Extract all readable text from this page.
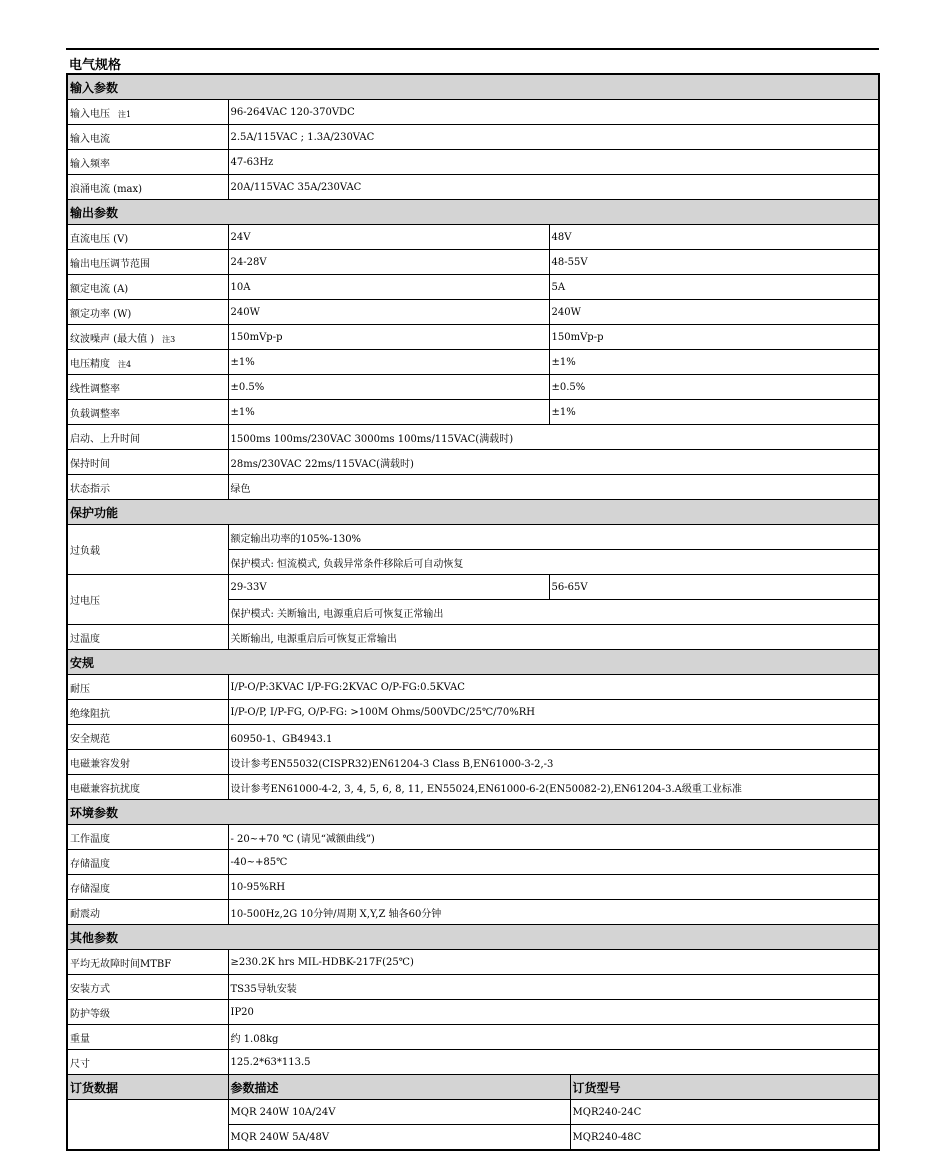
电气规格
输入参数			
输入电压 注1	96-264VAC 120-370VDC		
输入电流	2.5A/115VAC ; 1.3A/230VAC		
输入频率	47-63Hz		
浪涌电流 (max)	20A/115VAC 35A/230VAC		
输出参数			
直流电压 (V)	24V	48V	
输出电压调节范围	24-28V	48-55V	
额定电流 (A)	10A	5A	
额定功率 (W)	240W	240W	
纹波噪声 (最大值 ) 注3	150mVp-p	150mVp-p	
电压精度 注4	±1%	±1%	
线性调整率	±0.5%	±0.5%	
负载调整率	±1%	±1%	
启动、上升时间	1500ms 100ms/230VAC 3000ms 100ms/115VAC(满载时)		
保持时间	28ms/230VAC 22ms/115VAC(满载时)		
状态指示	绿色		
保护功能			
过负载	额定输出功率的105%-130%		
	保护模式: 恒流模式, 负载异常条件移除后可自动恢复		
过电压	29-33V	56-65V	
	保护模式: 关断输出, 电源重启后可恢复正常输出		
过温度	关断输出, 电源重启后可恢复正常输出		
安规			
耐压	I/P-O/P:3KVAC I/P-FG:2KVAC O/P-FG:0.5KVAC		
绝缘阻抗	I/P-O/P, I/P-FG, O/P-FG: >100M Ohms/500VDC/25℃/70%RH		
安全规范	60950-1、GB4943.1		
电磁兼容发射	设计参考EN55032(CISPR32)EN61204-3 Class B,EN61000-3-2,-3		
电磁兼容抗扰度	设计参考EN61000-4-2, 3, 4, 5, 6, 8, 11, EN55024,EN61000-6-2(EN50082-2),EN61204-3.A级重工业标准		
环境参数			
工作温度	- 20~+70 ℃ (请见“减额曲线”)		
存储温度	-40~+85℃		
存储湿度	10-95%RH		
耐震动	10-500Hz,2G 10分钟/周期 X,Y,Z 轴各60分钟		
其他参数			
平均无故障时间MTBF	≥230.2K hrs MIL-HDBK-217F(25℃)		
安装方式	TS35导轨安装		
防护等级	IP20		
重量	约 1.08kg		
尺寸	125.2*63*113.5		
订货数据	参数描述		订货型号
	MQR 240W 10A/24V		MQR240-24C
	MQR 240W 5A/48V		MQR240-48C
